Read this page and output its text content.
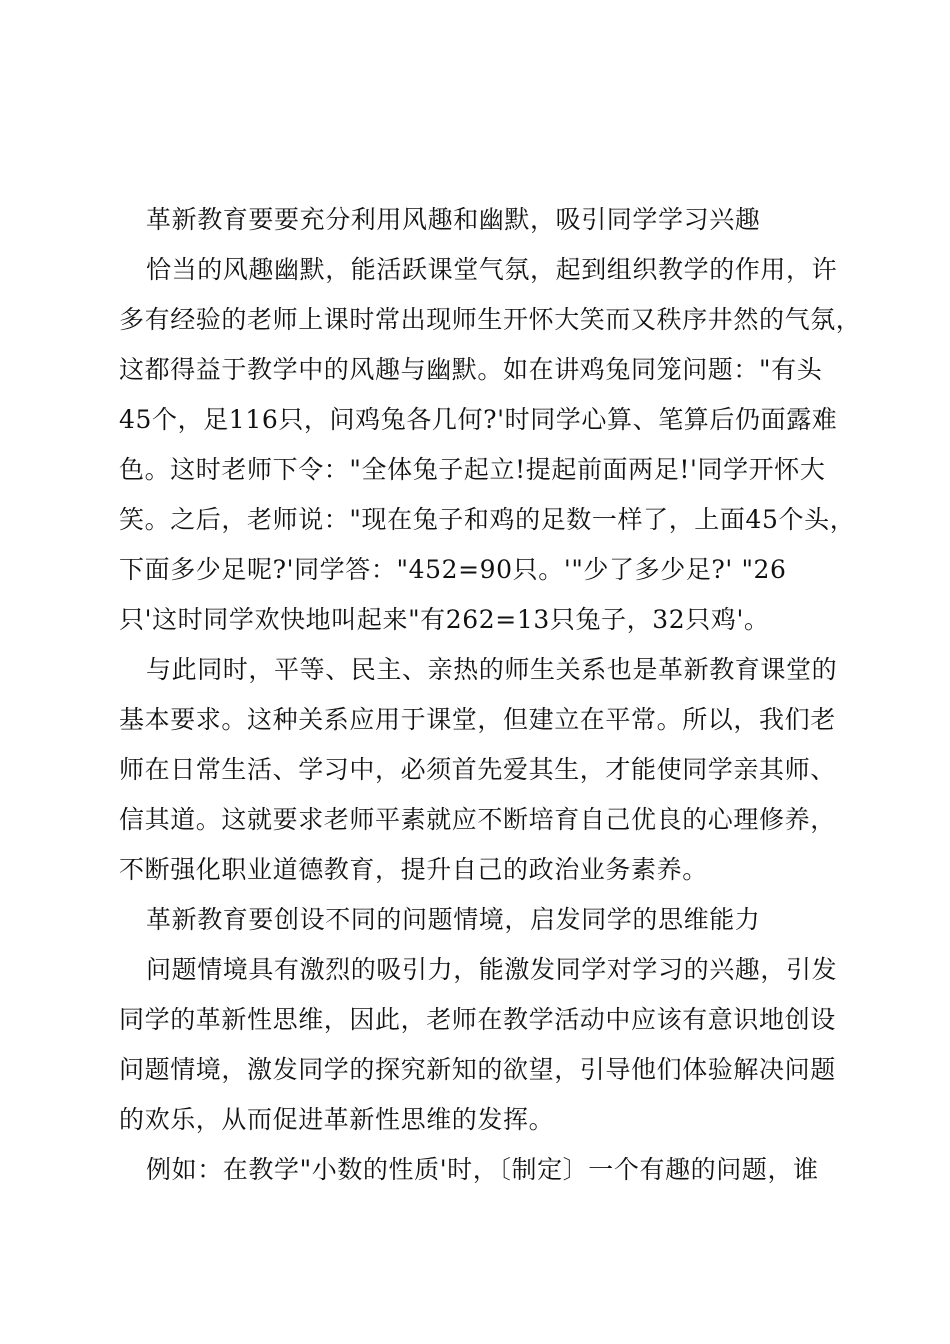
革新教育要要充分利用风趣和幽默，吸引同学学习兴趣
恰当的风趣幽默，能活跃课堂气氛，起到组织教学的作用，许
多有经验的老师上课时常出现师生开怀大笑而又秩序井然的气氛，
这都得益于教学中的风趣与幽默。如在讲鸡兔同笼问题："有头
45个，足116只，问鸡兔各几何?'时同学心算、笔算后仍面露难
色。这时老师下令："全体兔子起立!提起前面两足!'同学开怀大
笑。之后，老师说："现在兔子和鸡的足数一样了，上面45个头，
下面多少足呢?'同学答："452=90只。'"少了多少足?' "26
只'这时同学欢快地叫起来"有262=13只兔子，32只鸡'。
与此同时，平等、民主、亲热的师生关系也是革新教育课堂的
基本要求。这种关系应用于课堂，但建立在平常。所以，我们老
师在日常生活、学习中，必须首先爱其生，才能使同学亲其师、
信其道。这就要求老师平素就应不断培育自己优良的心理修养，
不断强化职业道德教育，提升自己的政治业务素养。
革新教育要创设不同的问题情境，启发同学的思维能力
问题情境具有激烈的吸引力，能激发同学对学习的兴趣，引发
同学的革新性思维，因此，老师在教学活动中应该有意识地创设
问题情境，激发同学的探究新知的欲望，引导他们体验解决问题
的欢乐，从而促进革新性思维的发挥。
例如：在教学"小数的性质'时，〔制定〕一个有趣的问题，谁
